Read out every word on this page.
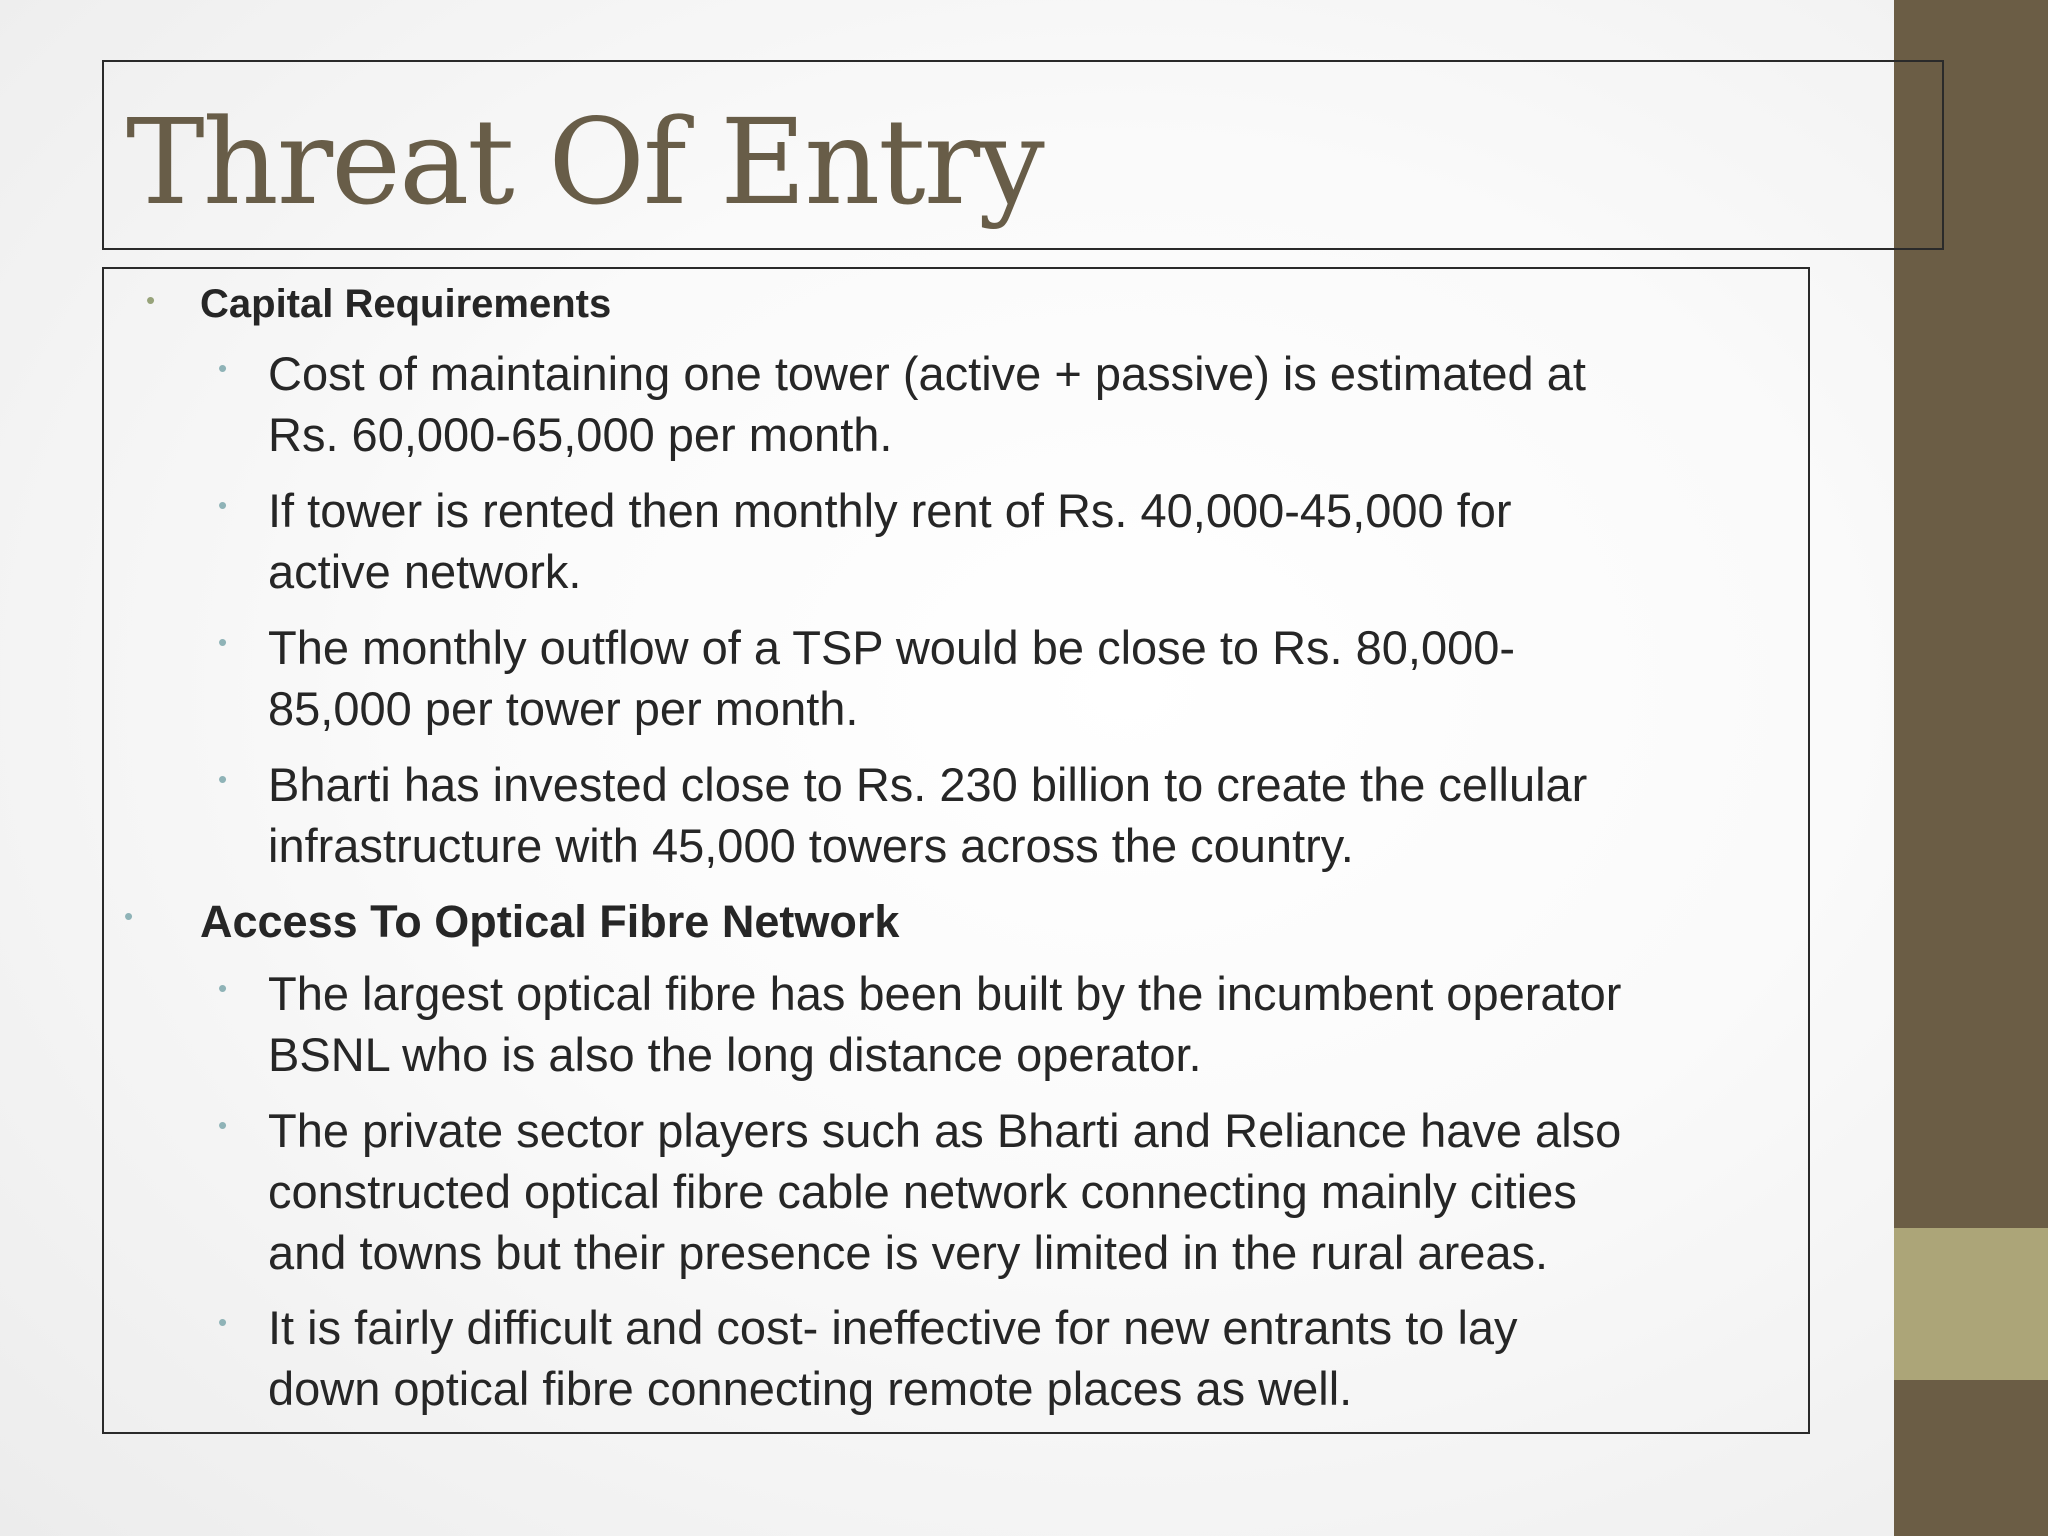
Threat Of Entry
• Capital Requirements
• Cost of maintaining one tower (active + passive) is estimated at
Rs. 60,000-65,000 per month.
• If tower is rented then monthly rent of Rs. 40,000-45,000 for
active network.
• The monthly outflow of a TSP would be close to Rs. 80,000-
85,000 per tower per month.
• Bharti has invested close to Rs. 230 billion to create the cellular
infrastructure with 45,000 towers across the country.
• Access To Optical Fibre Network
• The largest optical fibre has been built by the incumbent operator
BSNL who is also the long distance operator.
• The private sector players such as Bharti and Reliance have also
constructed optical fibre cable network connecting mainly cities
and towns but their presence is very limited in the rural areas.
• It is fairly difficult and cost- ineffective for new entrants to lay
down optical fibre connecting remote places as well.
